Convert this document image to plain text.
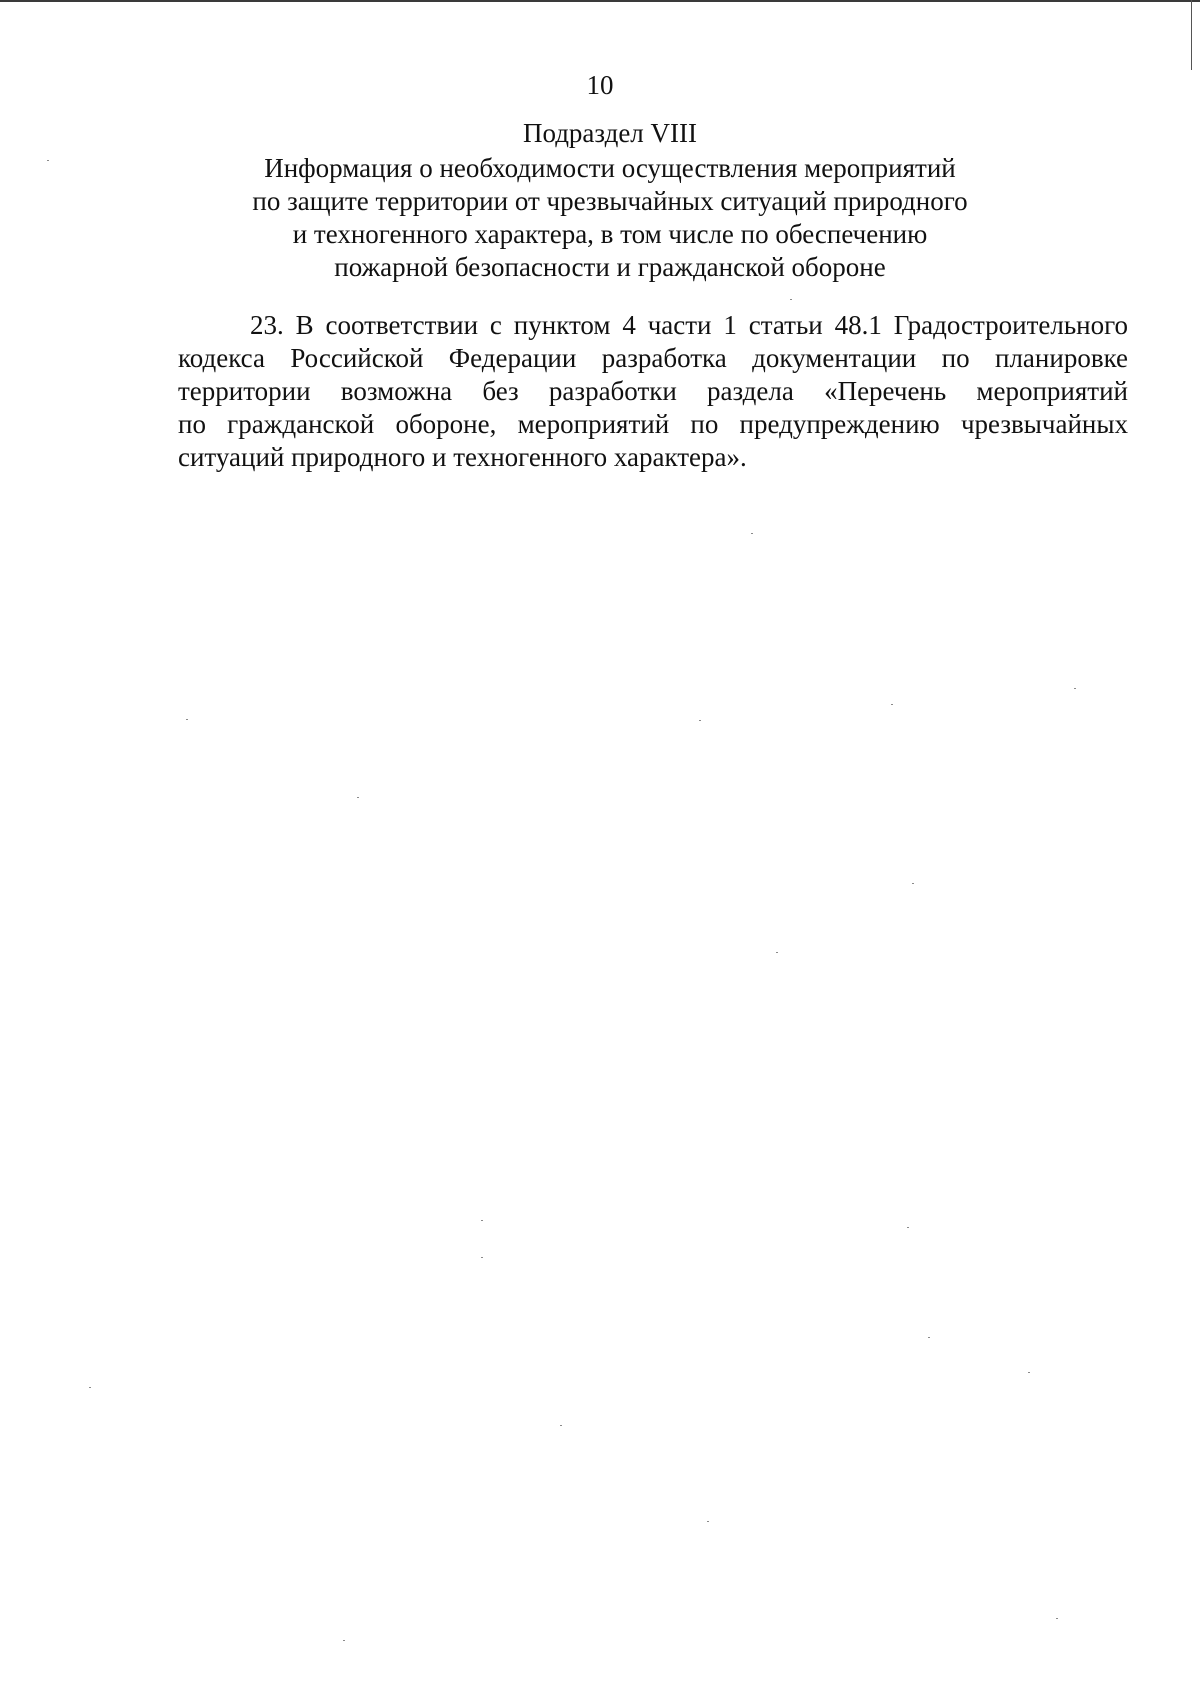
10
Подраздел VIII
Информация о необходимости осуществления мероприятий
по защите территории от чрезвычайных ситуаций природного
и техногенного характера, в том числе по обеспечению
пожарной безопасности и гражданской обороне
23. В соответствии с пунктом 4 части 1 статьи 48.1 Градостроительного
кодекса Российской Федерации разработка документации по планировке
территории возможна без разработки раздела «Перечень мероприятий
по гражданской обороне, мероприятий по предупреждению чрезвычайных
ситуаций природного и техногенного характера».
